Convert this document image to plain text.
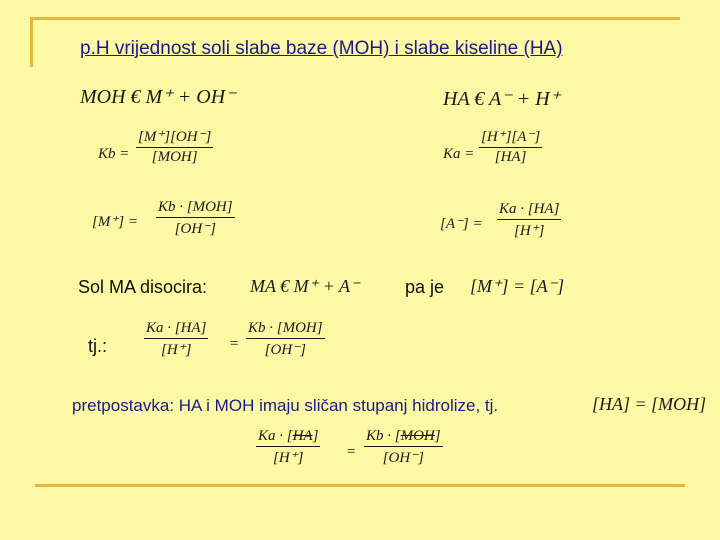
p.H vrijednost soli slabe baze (MOH) i slabe kiseline (HA)
MOH € M⁺ + OH⁻
Kb =
[M⁺][OH⁻]
[MOH]
[M⁺] =
Kb · [MOH]
[OH⁻]
HA € A⁻ + H⁺
$Ka = \frac{[H^+][A^-]}{[HA]}$
$[A^-] = \frac{Ka \cdot [HA]}{[H^+]}$
Sol MA disocira: MA € M⁺ + A⁻	pa je [M⁺] = [A⁻]
tj.: $\frac{Ka \cdot [HA]}{[H^+]}$ =
Kb · [MOH]
[OH⁻]
pretpostavka: HA i MOH imaju sličan stupanj hidrolize, tj.	[HA] = [MOH]
$\frac{Ka \cdot [HA]}{[H^+]}$ =
Kb · [MOH]
[OH⁻]
